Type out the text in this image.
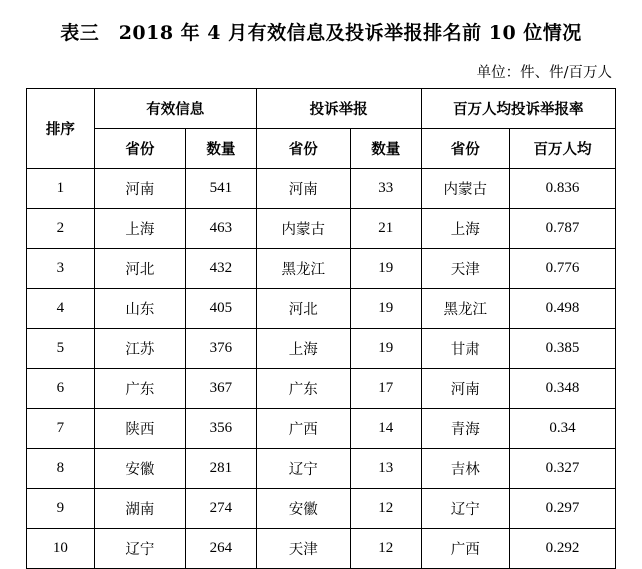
表三　2018 年 4 月有效信息及投诉举报排名前 10 位情况
单位：件、件/百万人
排序	有效信息		投诉举报		百万人均投诉举报率	
	省份	数量	省份	数量	省份	百万人均
1	河南	541	河南	33	内蒙古	0.836
2	上海	463	内蒙古	21	上海	0.787
3	河北	432	黑龙江	19	天津	0.776
4	山东	405	河北	19	黑龙江	0.498
5	江苏	376	上海	19	甘肃	0.385
6	广东	367	广东	17	河南	0.348
7	陕西	356	广西	14	青海	0.34
8	安徽	281	辽宁	13	吉林	0.327
9	湖南	274	安徽	12	辽宁	0.297
10	辽宁	264	天津	12	广西	0.292
